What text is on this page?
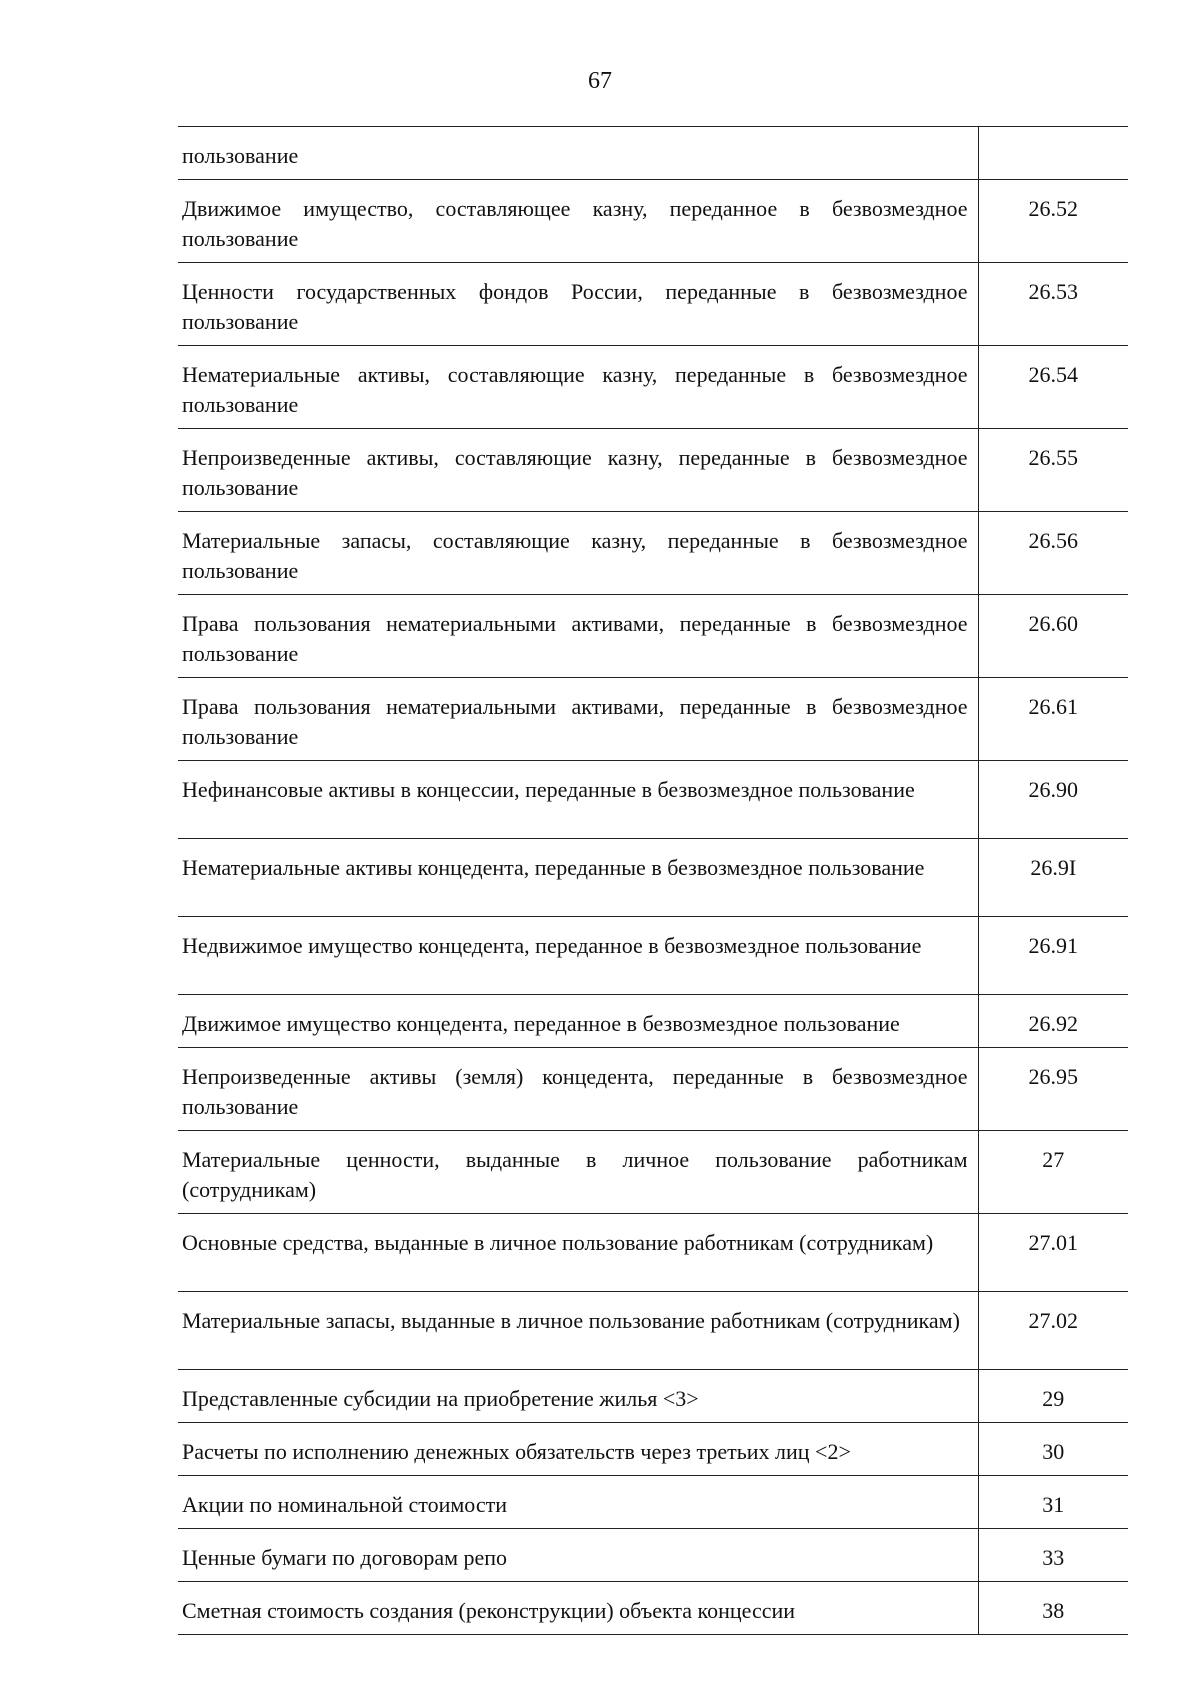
67
пользование	
Движимое имущество, составляющее казну, переданное в безвозмездное пользование	26.52
Ценности государственных фондов России, переданные в безвозмездное пользование	26.53
Нематериальные активы, составляющие казну, переданные в безвозмездное пользование	26.54
Непроизведенные активы, составляющие казну, переданные в безвозмездное пользование	26.55
Материальные запасы, составляющие казну, переданные в безвозмездное пользование	26.56
Права пользования нематериальными активами, переданные в безвозмездное пользование	26.60
Права пользования нематериальными активами, переданные в безвозмездное пользование	26.61
Нефинансовые активы в концессии, переданные в безвозмездное пользование	26.90
Нематериальные активы концедента, переданные в безвозмездное пользование	26.9I
Недвижимое имущество концедента, переданное в безвозмездное пользование	26.91
Движимое имущество концедента, переданное в безвозмездное пользование	26.92
Непроизведенные активы (земля) концедента, переданные в безвозмездное пользование	26.95
Материальные ценности, выданные в личное пользование работникам (сотрудникам)	27
Основные средства, выданные в личное пользование работникам (сотрудникам)	27.01
Материальные запасы, выданные в личное пользование работникам (сотрудникам)	27.02
Представленные субсидии на приобретение жилья <3>	29
Расчеты по исполнению денежных обязательств через третьих лиц <2>	30
Акции по номинальной стоимости	31
Ценные бумаги по договорам репо	33
Сметная стоимость создания (реконструкции) объекта концессии	38
